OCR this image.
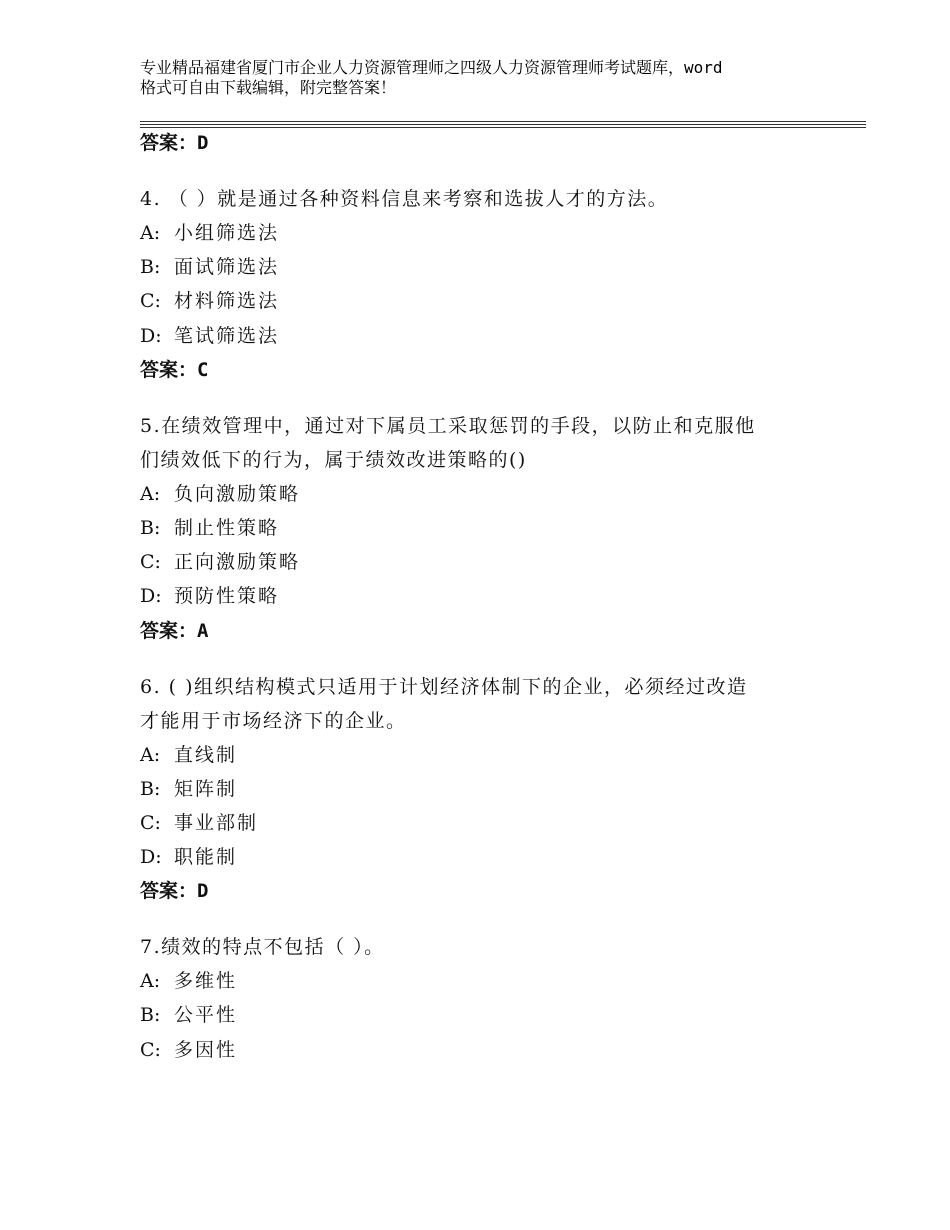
专业精品福建省厦门市企业人力资源管理师之四级人力资源管理师考试题库，word
格式可自由下载编辑，附完整答案！
答案：D
4. （ ）就是通过各种资料信息来考察和选拔人才的方法。
A: 小组筛选法
B: 面试筛选法
C: 材料筛选法
D: 笔试筛选法
答案：C
5.在绩效管理中，通过对下属员工采取惩罚的手段，以防止和克服他
们绩效低下的行为，属于绩效改进策略的()
A: 负向激励策略
B: 制止性策略
C: 正向激励策略
D: 预防性策略
答案：A
6. ( )组织结构模式只适用于计划经济体制下的企业，必须经过改造
才能用于市场经济下的企业。
A: 直线制
B: 矩阵制
C: 事业部制
D: 职能制
答案：D
7.绩效的特点不包括（ ）。
A: 多维性
B: 公平性
C: 多因性
